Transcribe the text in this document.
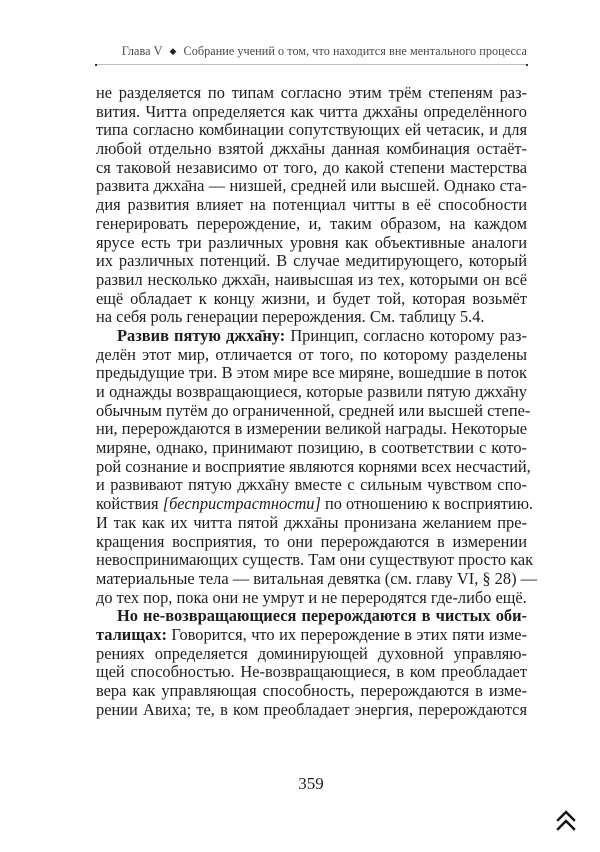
Глава V ◆ Собрание учений о том, что находится вне ментального процесса
не разделяется по типам согласно этим трём степеням раз-
вития. Читта определяется как читта джха̄ны определённого
типа согласно комбинации сопутствующих ей четасик, и для
любой отдельно взятой джха̄ны данная комбинация остаёт-
ся таковой независимо от того, до какой степени мастерства
развита джха̄на — низшей, средней или высшей. Однако ста-
дия развития влияет на потенциал читты в её способности
генерировать перерождение, и, таким образом, на каждом
ярусе есть три различных уровня как объективные аналоги
их различных потенций. В случае медитирующего, который
развил несколько джха̄н, наивысшая из тех, которыми он всё
ещё обладает к концу жизни, и будет той, которая возьмёт
на себя роль генерации перерождения. См. таблицу 5.4.
Развив пятую джха̄ну: Принцип, согласно которому раз-
делён этот мир, отличается от того, по которому разделены
предыдущие три. В этом мире все миряне, вошедшие в поток
и однажды возвращающиеся, которые развили пятую джха̄ну
обычным путём до ограниченной, средней или высшей степе-
ни, перерождаются в измерении великой награды. Некоторые
миряне, однако, принимают позицию, в соответствии с кото-
рой сознание и восприятие являются корнями всех несчастий,
и развивают пятую джха̄ну вместе с сильным чувством спо-
койствия [беспристрастности] по отношению к восприятию.
И так как их читта пятой джха̄ны пронизана желанием пре-
кращения восприятия, то они перерождаются в измерении
невоспринимающих существ. Там они существуют просто как
материальные тела — витальная девятка (см. главу VI, § 28) —
до тех пор, пока они не умрут и не переродятся где-либо ещё.
Но не-возвращающиеся перерождаются в чистых оби-
талищах: Говорится, что их перерождение в этих пяти изме-
рениях определяется доминирующей духовной управляю-
щей способностью. Не-возвращающиеся, в ком преобладает
вера как управляющая способность, перерождаются в изме-
рении Авиха; те, в ком преобладает энергия, перерождаются
359
